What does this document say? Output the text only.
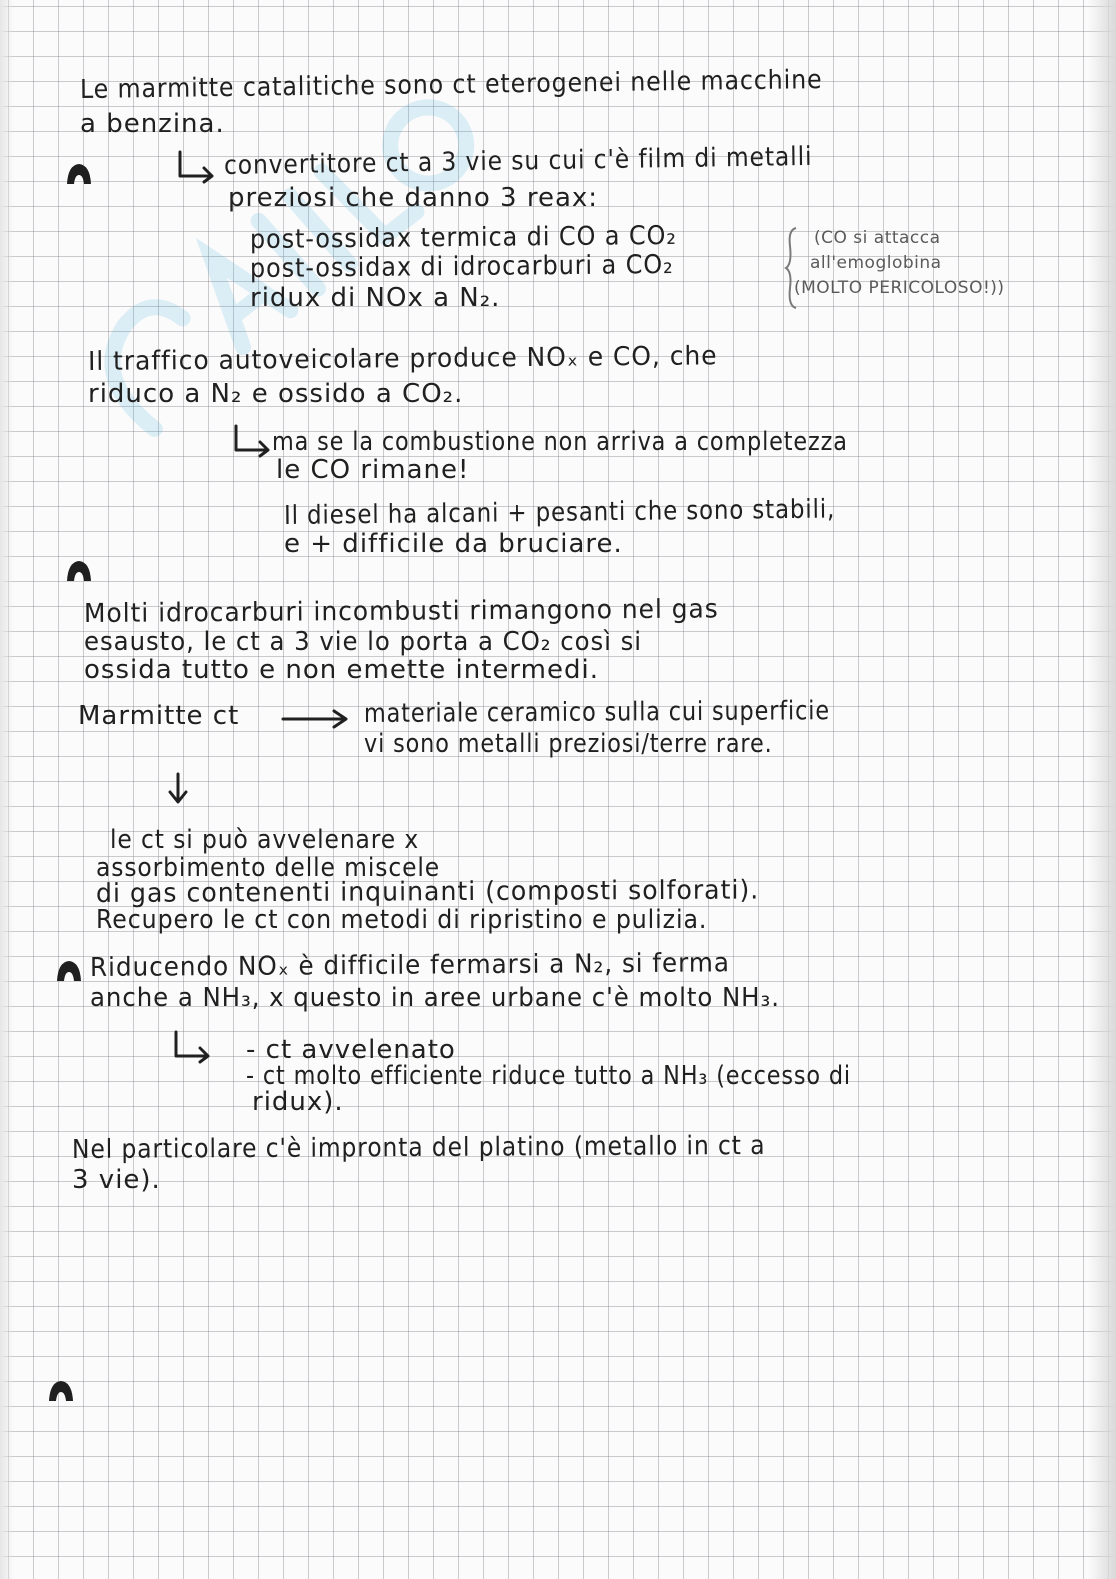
Le marmitte catalitiche sono ct eterogenei nelle macchine

a benzina.

convertitore ct a 3 vie su cui c'è film di metalli

preziosi che danno 3 reax:

post-ossidax termica di CO a CO₂

post-ossidax di idrocarburi a CO₂

ridux di NOx a N₂.

(CO si attacca

all'emoglobina

(MOLTO PERICOLOSO!))

Il traffico autoveicolare produce NOₓ e CO, che

riduco a N₂ e ossido a CO₂.

ma se la combustione non arriva a completezza

le CO rimane!

Il diesel ha alcani + pesanti che sono stabili,

e + difficile da bruciare.

Molti idrocarburi incombusti rimangono nel gas

esausto, le ct a 3 vie lo porta a CO₂ così si

ossida tutto e non emette intermedi.

Marmitte ct	materiale ceramico sulla cui superficie

vi sono metalli preziosi/terre rare.

le ct si può avvelenare x

assorbimento delle miscele

di gas contenenti inquinanti (composti solforati).

Recupero le ct con metodi di ripristino e pulizia.

Riducendo NOₓ è difficile fermarsi a N₂, si ferma

anche a NH₃, x questo in aree urbane c'è molto NH₃.

- ct avvelenato

- ct molto efficiente riduce tutto a NH₃ (eccesso di

ridux).

Nel particolare c'è impronta del platino (metallo in ct a

3 vie).
